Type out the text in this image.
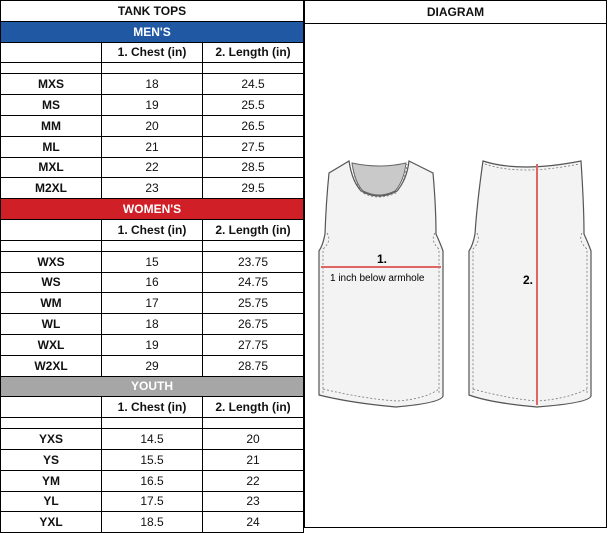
TANK TOPS		
MEN'S		
	1. Chest (in)	2. Length (in)

MXS	18	24.5
MS	19	25.5
MM	20	26.5
ML	21	27.5
MXL	22	28.5
M2XL	23	29.5
WOMEN'S		
	1. Chest (in)	2. Length (in)

WXS	15	23.75
WS	16	24.75
WM	17	25.75
WL	18	26.75
WXL	19	27.75
W2XL	29	28.75
YOUTH		
	1. Chest (in)	2. Length (in)

YXS	14.5	20
YS	15.5	21
YM	16.5	22
YL	17.5	23
YXL	18.5	24
DIAGRAM
1.
1 inch below armhole	2.
